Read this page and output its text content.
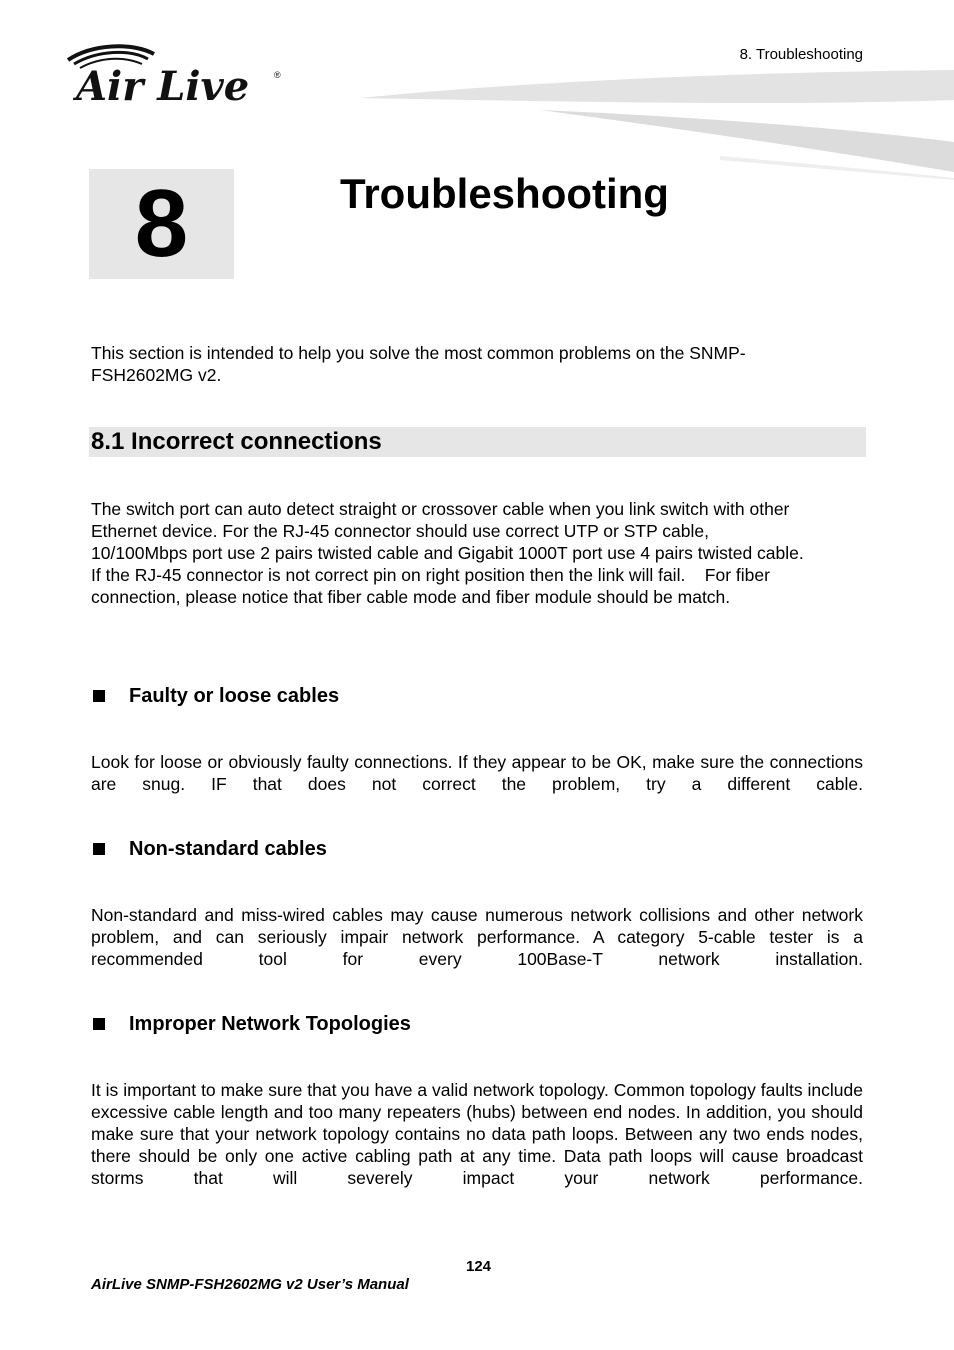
Air Live	®
8. Troubleshooting
8	Troubleshooting
This section is intended to help you solve the most common problems on the SNMP-FSH2602MG v2.
8.1 Incorrect connections
The switch port can auto detect straight or crossover cable when you link switch with other
Ethernet device. For the RJ-45 connector should use correct UTP or STP cable,
10/100Mbps port use 2 pairs twisted cable and Gigabit 1000T port use 4 pairs twisted cable.
If the RJ-45 connector is not correct pin on right position then the link will fail.    For fiber
connection, please notice that fiber cable mode and fiber module should be match.
Faulty or loose cables
Look for loose or obviously faulty connections. If they appear to be OK, make sure the connections are snug. IF that does not correct the problem, try a different cable.
Non-standard cables
Non-standard and miss-wired cables may cause numerous network collisions and other network problem, and can seriously impair network performance. A category 5-cable tester is a recommended tool for every 100Base-T network installation.
Improper Network Topologies
It is important to make sure that you have a valid network topology. Common topology faults include excessive cable length and too many repeaters (hubs) between end nodes. In addition, you should make sure that your network topology contains no data path loops. Between any two ends nodes, there should be only one active cabling path at any time. Data path loops will cause broadcast storms that will severely impact your network performance.
124
AirLive SNMP-FSH2602MG v2 User’s Manual
